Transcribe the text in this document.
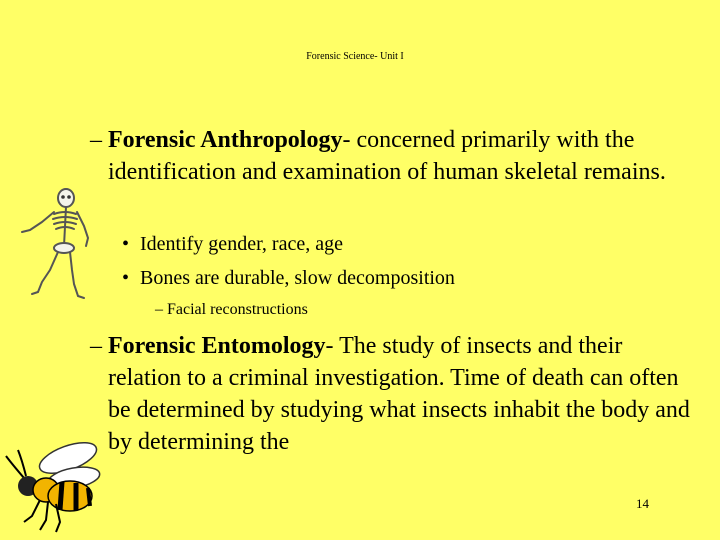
Forensic Science- Unit I

– Forensic Anthropology- concerned primarily with the identification and examination of human skeletal remains.

• Identify gender, race, age
• Bones are durable, slow decomposition
– Facial reconstructions

– Forensic Entomology- The study of insects and their relation to a criminal investigation. Time of death can often be determined by studying what insects inhabit the body and by determining the

14
